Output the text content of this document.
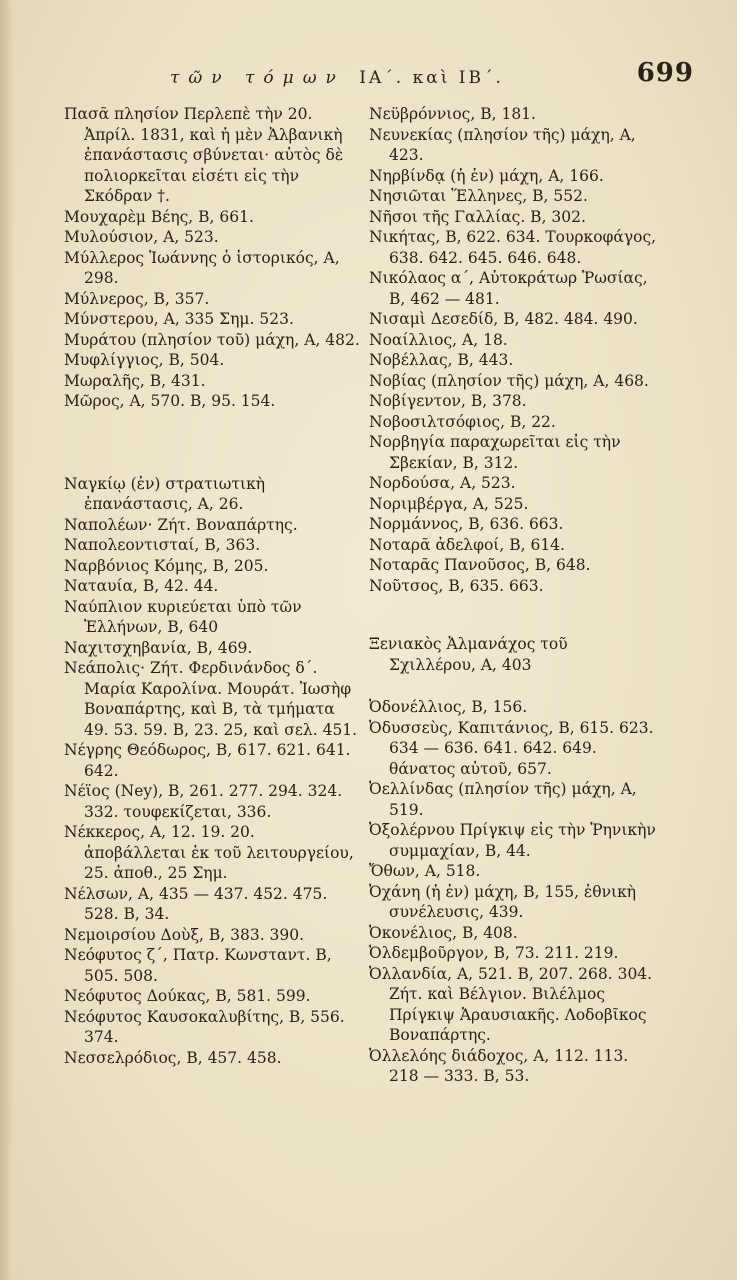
τῶν τόμων ΙΑ΄. καὶ ΙΒ΄.	699

Πασᾶ πλησίον Περλεπὲ τὴν 20. Ἀπρίλ. 1831, καὶ ἡ μὲν Ἀλβανικὴ ἐπανάστασις σβύνεται· αὐτὸς δὲ πολιορκεῖται εἰσέτι εἰς τὴν Σκόδραν †.

Μουχαρὲμ Βέης, Β, 661.

Μυλούσιον, Α, 523.

Μύλλερος Ἰωάννης ὁ ἱστορικός, Α, 298.

Μύλνερος, Β, 357.

Μύνστερου, Α, 335 Σημ. 523.

Μυράτου (πλησίον τοῦ) μάχη, Α, 482.

Μυφλίγγιος, Β, 504.

Μωραλῆς, Β, 431.

Μῶρος, Α, 570. Β, 95. 154.

Ναγκίῳ (ἐν) στρατιωτικὴ ἐπανάστασις, Α, 26.

Ναπολέων· Ζήτ. Βοναπάρτης.

Ναπολεοντισταί, Β, 363.

Ναρβόνιος Κόμης, Β, 205.

Ναταυία, Β, 42. 44.

Ναύπλιον κυριεύεται ὑπὸ τῶν Ἑλλήνων, Β, 640

Ναχιτσχηβανία, Β, 469.

Νεάπολις· Ζήτ. Φερδινάνδος δ΄. Μαρία Καρολίνα. Μουράτ. Ἰωσὴφ Βοναπάρτης, καὶ Β, τὰ τμήματα 49. 53. 59. Β, 23. 25, καὶ σελ. 451.

Νέγρης Θεόδωρος, Β, 617. 621. 641. 642.

Νέϊος (Ney), Β, 261. 277. 294. 324. 332. τουφεκίζεται, 336.

Νέκκερος, Α, 12. 19. 20. ἀποβάλλεται ἐκ τοῦ λειτουργείου, 25. ἀποθ., 25 Σημ.

Νέλσων, Α, 435 — 437. 452. 475. 528. Β, 34.

Νεμοιρσίου Δοὺξ, Β, 383. 390.

Νεόφυτος ζ΄, Πατρ. Κωνσταντ. Β, 505. 508.

Νεόφυτος Δούκας, Β, 581. 599.

Νεόφυτος Καυσοκαλυβίτης, Β, 556. 374.

Νεσσελρόδιος, Β, 457. 458.

Νεϋβρόννιος, Β, 181.

Νευνεκίας (πλησίον τῆς) μάχη, Α, 423.

Νηρβίνδᾳ (ἡ ἐν) μάχη, Α, 166.

Νησιῶται Ἕλληνες, Β, 552.

Νῆσοι τῆς Γαλλίας. Β, 302.

Νικήτας, Β, 622. 634. Τουρκοφάγος, 638. 642. 645. 646. 648.

Νικόλαος α΄, Αὐτοκράτωρ Ῥωσίας, Β, 462 — 481.

Νισαμὶ Δεσεδίδ, Β, 482. 484. 490.

Νοαίλλιος, Α, 18.

Νοβέλλας, Β, 443.

Νοβίας (πλησίον τῆς) μάχη, Α, 468.

Νοβίγεντον, Β, 378.

Νοβοσιλτσόφιος, Β, 22.

Νορβηγία παραχωρεῖται εἰς τὴν Σβεκίαν, Β, 312.

Νορδούσα, Α, 523.

Νοριμβέργα, Α, 525.

Νορμάννος, Β, 636. 663.

Νοταρᾶ ἀδελφοί, Β, 614.

Νοταρᾶς Πανοῦσος, Β, 648.

Νοῦτσος, Β, 635. 663.

Ξενιακὸς Ἀλμανάχος τοῦ Σχιλλέρου, Α, 403

Ὀδονέλλιος, Β, 156.

Ὀδυσσεὺς, Καπιτάνιος, Β, 615. 623. 634 — 636. 641. 642. 649. θάνατος αὐτοῦ, 657.

Ὀελλίνδας (πλησίον τῆς) μάχη, Α, 519.

Ὀξολέρνου Πρίγκιψ εἰς τὴν Ῥηνικὴν συμμαχίαν, Β, 44.

Ὄθων, Α, 518.

Ὀχάνη (ἡ ἐν) μάχη, Β, 155, ἐθνικὴ συνέλευσις, 439.

Ὀκονέλιος, Β, 408.

Ὀλδεμβοῦργον, Β, 73. 211. 219.

Ὀλλανδία, Α, 521. Β, 207. 268. 304. Ζήτ. καὶ Βέλγιον. Βιλέλμος Πρίγκιψ Ἀραυσιακῆς. Λοδοβῖκος Βοναπάρτης.

Ὀλλελόης διάδοχος, Α, 112. 113. 218 — 333. Β, 53.
